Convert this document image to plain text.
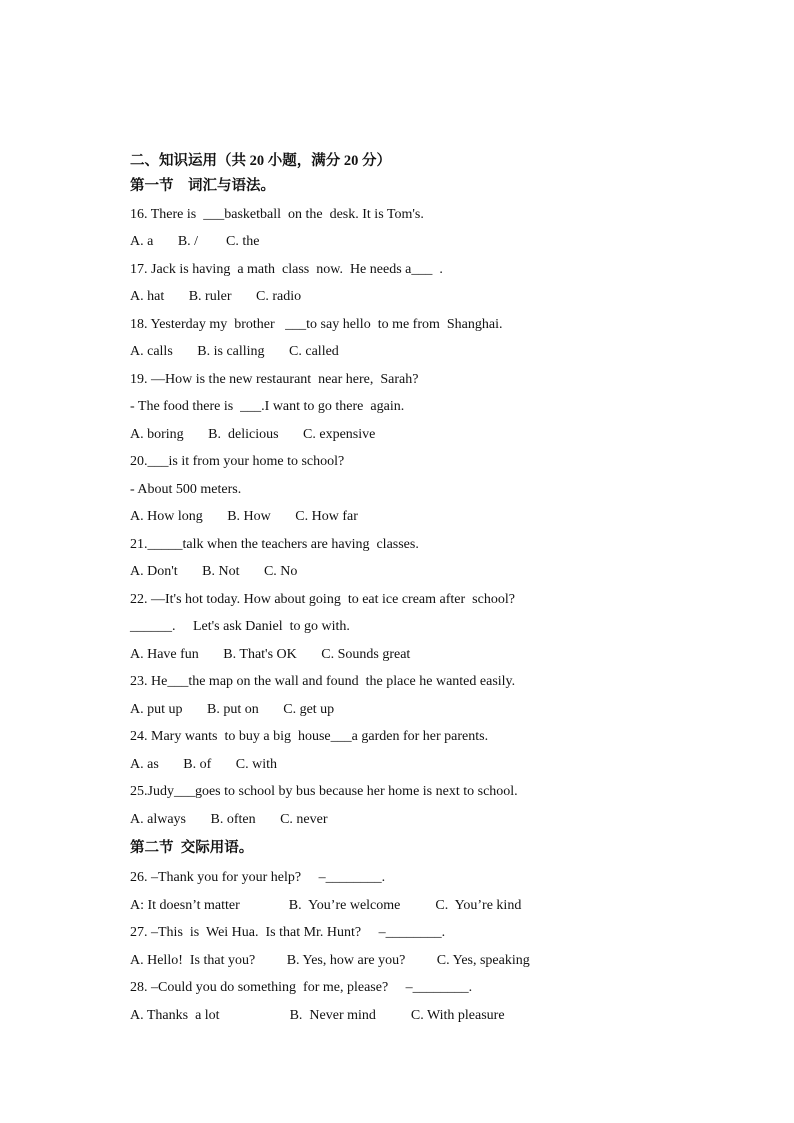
二、知识运用（共 20 小题，满分 20 分）
第一节    词汇与语法。
16. There is  ___basketball  on the  desk. It is Tom's.
A. a       B. /        C. the
17. Jack is having  a math  class  now.  He needs a___  .
A. hat       B. ruler       C. radio
18. Yesterday my  brother   ___to say hello  to me from  Shanghai.
A. calls       B. is calling       C. called
19. —How is the new restaurant  near here,  Sarah?
- The food there is  ___.I want to go there  again.
A. boring       B.  delicious       C. expensive
20.___is it from your home to school?
- About 500 meters.
A. How long       B. How       C. How far
21._____talk when the teachers are having  classes.
A. Don't       B. Not       C. No
22. —It's hot today. How about going  to eat ice cream after  school?
______.     Let's ask Daniel  to go with.
A. Have fun       B. That's OK       C. Sounds great
23. He___the map on the wall and found  the place he wanted easily.
A. put up       B. put on       C. get up
24. Mary wants  to buy a big  house___a garden for her parents.
A. as       B. of       C. with
25.Judy___goes to school by bus because her home is next to school.
A. always       B. often       C. never
第二节  交际用语。
26. –Thank you for your help?     –________.
A: It doesn’t matter              B.  You’re welcome          C.  You’re kind
27. –This  is  Wei Hua.  Is that Mr. Hunt?     –________.
A. Hello!  Is that you?         B. Yes, how are you?         C. Yes, speaking
28. –Could you do something  for me, please?     –________.
A. Thanks  a lot                    B.  Never mind          C. With pleasure
